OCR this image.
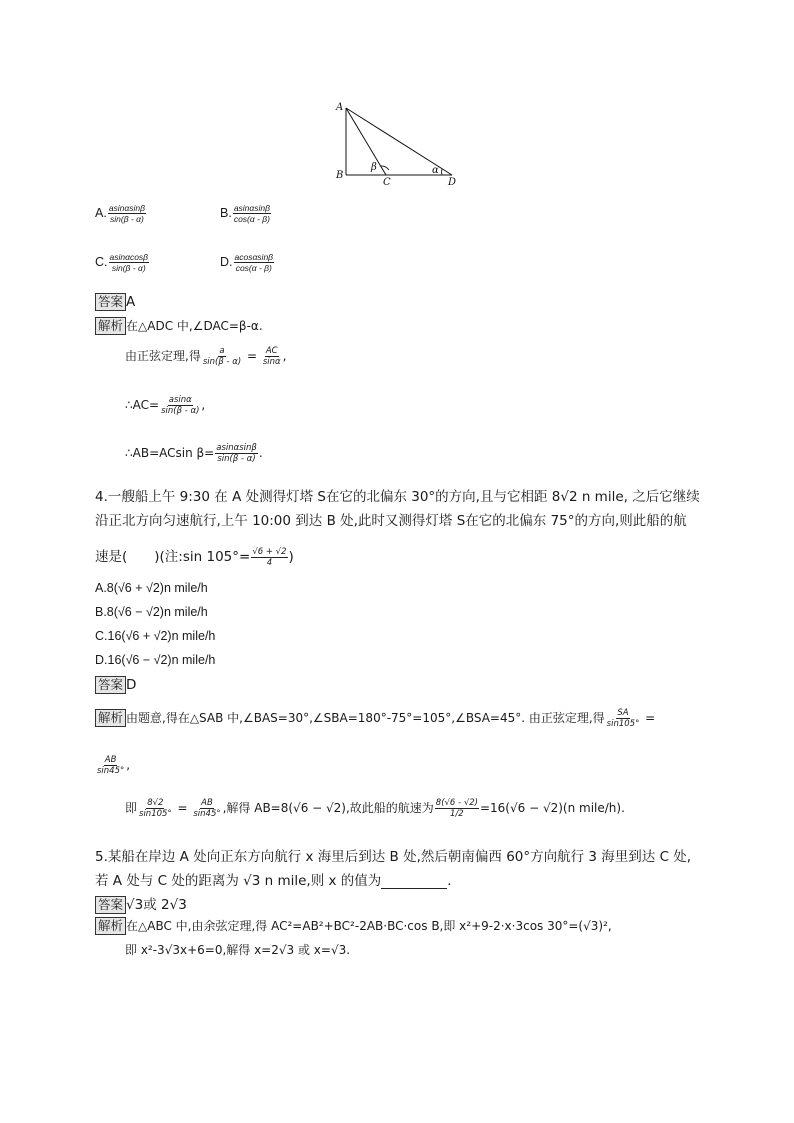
A
B
C	D
β	α
A. $\frac{asin\alpha\sin\beta}{\sin(\beta - \alpha)}$	B. $\frac{asin\alpha\sin\beta}{\cos(\alpha - \beta)}$
C. $\frac{asin\alpha\cos\beta}{\sin(\beta - \alpha)}$	D. $\frac{acos\alpha\sin\beta}{\cos(\alpha - \beta)}$
答案 A
解析 在△ADC 中,∠DAC=β-α.
由正弦定理,得 $\frac{a}{\sin(\beta - \alpha)} = \frac{AC}{\sin\alpha}$ ,
∴AC= $\frac{asin\alpha}{\sin(\beta - \alpha)}$ ,
∴AB=ACsin $\beta= \frac{asin\alpha\sin\beta}{\sin(\beta - \alpha)}$ .
4.一艘船上午 9:30 在 A 处测得灯塔 S在它的北偏东 30°的方向,且与它相距 8√2 n mile, 之后它继续
沿正北方向匀速航行,上午 10:00 到达 B 处,此时又测得灯塔 S在它的北偏东 75°的方向,则此船的航
速是(　　)(注:sin $105^\circ= \frac{√6 + √2}{4}$ )
A.8(√6 + √2)n mile/h
B.8(√6 − √2)n mile/h
C.16(√6 + √2)n mile/h
D.16(√6 − √2)n mile/h
答案 D
解析 由题意,得在△SAB 中,∠BAS=30°,∠SBA=180°-75°=105°,∠BSA=45°. 由正弦定理,得 $\frac{SA}{\sin 105^\circ}$ =
$\frac{AB}{\sin 45^\circ}$ ,
即 $\frac{8√2}{\sin 105^\circ} = \frac{AB}{\sin 45^\circ}$ ,解得 AB=8(√6 − √2),故此船的航速为 $\frac{8(√6 - √2)}{1/2} =16(√6 - √2)(n$ mile/h).
5.某船在岸边 A 处向正东方向航行 x 海里后到达 B 处,然后朝南偏西 60°方向航行 3 海里到达 C 处,
若 A 处与 C 处的距离为 √3 n mile,则 x 的值为	.
答案 √3或 2√3
解析 在△ABC 中,由余弦定理,得 AC²=AB²+BC²-2AB·BC·cos B,即 x²+9-2·x·3cos 30°=(√3)²,
即 x²-3√3x+6=0,解得 x=2√3 或 x=√3.
